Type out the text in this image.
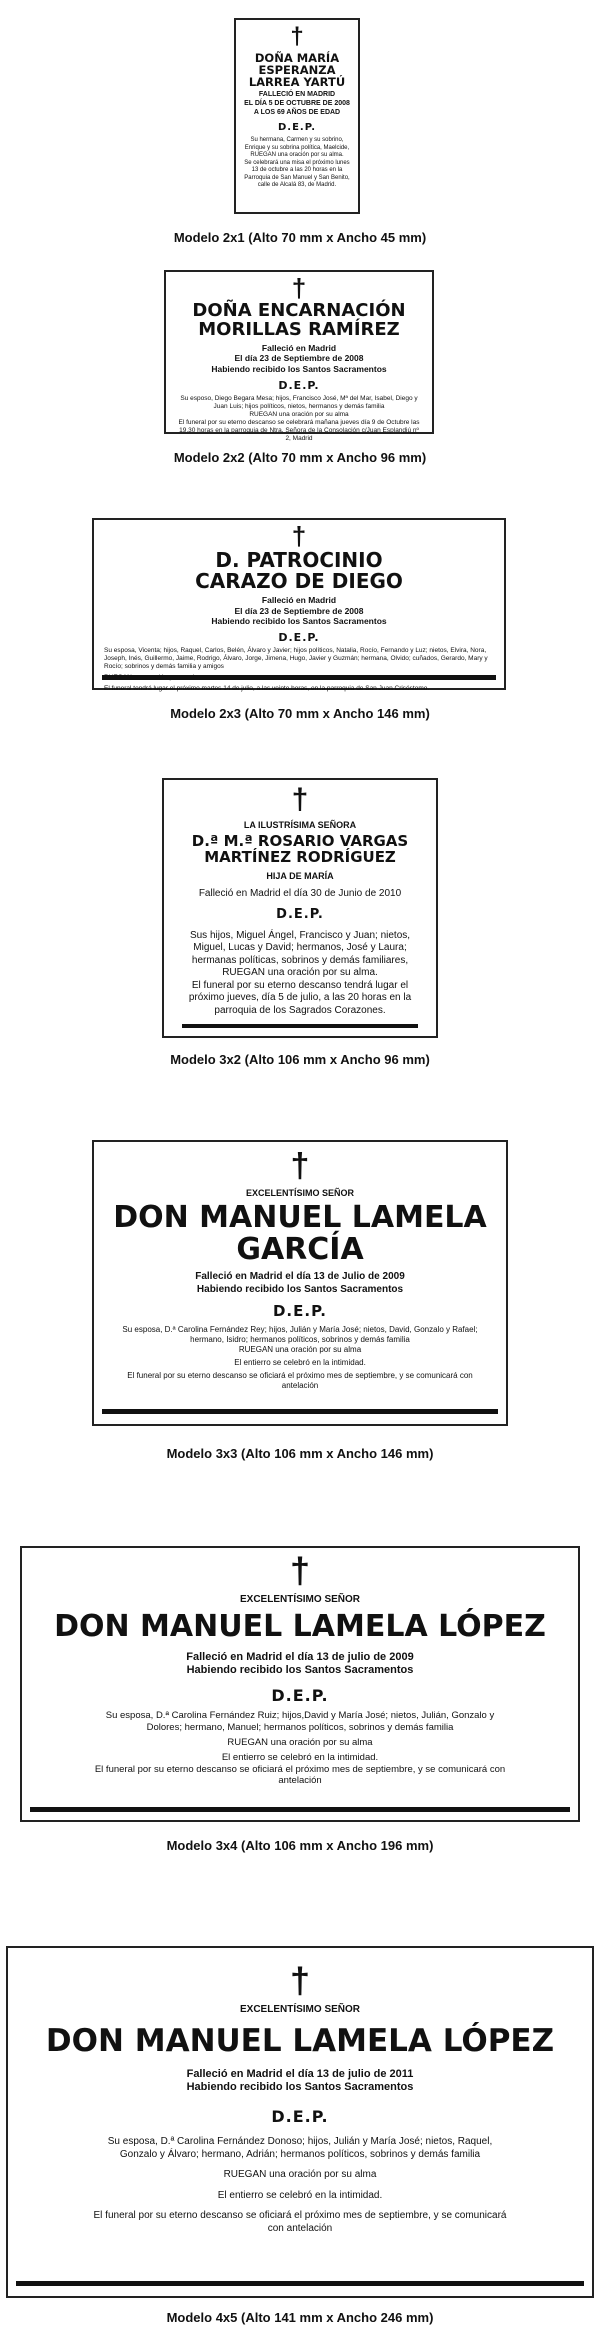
†
DOÑA MARÍA ESPERANZA LARREA YARTÚ
FALLECIÓ EN MADRID
EL DÍA 5 DE OCTUBRE DE 2008
A LOS 69 AÑOS DE EDAD
D.E.P.
Su hermana, Carmen y su sobrino, Enrique y su sobrina política, Maelcide, RUEGAN una oración por su alma.
Se celebrará una misa el próximo lunes 13 de octubre a las 20 horas en la Parroquia de San Manuel y San Benito, calle de Alcalá 83, de Madrid.
Modelo 2x1 (Alto 70 mm x Ancho 45 mm)
†
DOÑA ENCARNACIÓN
MORILLAS RAMÍREZ
Falleció en Madrid
El día 23 de Septiembre de 2008
Habiendo recibido los Santos Sacramentos
D.E.P.
Su esposo, Diego Begara Mesa; hijos, Francisco José, Mª del Mar, Isabel, Diego y Juan Luis; hijos políticos, nietos, hermanos y demás familia
RUEGAN una oración por su alma
El funeral por su eterno descanso se celebrará mañana jueves día 9 de Octubre las 19.30 horas en la parroquia de Ntra. Señora de la Consolación c/Juan Esplandiú nº 2, Madrid
Modelo 2x2 (Alto 70 mm x Ancho 96 mm)
†
D. PATROCINIO
CARAZO DE DIEGO
Falleció en Madrid
El día 23 de Septiembre de 2008
Habiendo recibido los Santos Sacramentos
D.E.P.
Su esposa, Vicenta; hijos, Raquel, Carlos, Belén, Álvaro y Javier; hijos políticos, Natalia, Rocío, Fernando y Luz; nietos, Elvira, Nora, Joseph, Inés, Guillermo, Jaime, Rodrigo, Álvaro, Jorge, Jimena, Hugo, Javier y Guzmán; hermana, Olvido; cuñados, Gerardo, Mary y Rocío; sobrinos y demás familia y amigos
El funeral tendrá lugar el próximo martes 14 de julio, a las veinte horas, en la parroquia de San Juan Crisóstomo.
Modelo 2x3 (Alto 70 mm x Ancho 146 mm)
†
LA ILUSTRÍSIMA SEÑORA
D.ª M.ª ROSARIO VARGAS
MARTÍNEZ RODRÍGUEZ
HIJA DE MARÍA
Falleció en Madrid el día 30 de Junio de 2010
D.E.P.
Sus hijos, Miguel Ángel, Francisco y Juan; nietos, Miguel, Lucas y David; hermanos, José y Laura; hermanas políticas, sobrinos y demás familiares, RUEGAN una oración por su alma.
El funeral por su eterno descanso tendrá lugar el próximo jueves, día 5 de julio, a las 20 horas en la parroquia de los Sagrados Corazones.
Modelo 3x2 (Alto 106 mm x Ancho 96 mm)
†
EXCELENTÍSIMO SEÑOR
DON MANUEL LAMELA
GARCÍA
Falleció en Madrid el día 13 de Julio de 2009
Habiendo recibido los Santos Sacramentos
D.E.P.
Su esposa, D.ª Carolina Fernández Rey; hijos, Julián y María José; nietos, David, Gonzalo y Rafael; hermano, Isidro; hermanos políticos, sobrinos y demás familia
RUEGAN una oración por su alma
El entierro se celebró en la intimidad.
El funeral por su eterno descanso se oficiará el próximo mes de septiembre, y se comunicará con antelación
Modelo 3x3 (Alto 106 mm x Ancho 146 mm)
†
EXCELENTÍSIMO SEÑOR
DON MANUEL LAMELA LÓPEZ
Falleció en Madrid el día 13 de julio de 2009
Habiendo recibido los Santos Sacramentos
D.E.P.
Su esposa, D.ª Carolina Fernández Ruiz; hijos,David y María José; nietos, Julián, Gonzalo y Dolores; hermano, Manuel; hermanos políticos, sobrinos y demás familia
RUEGAN una oración por su alma
El entierro se celebró en la intimidad.
El funeral por su eterno descanso se oficiará el próximo mes de septiembre, y se comunicará con antelación
Modelo 3x4 (Alto 106 mm x Ancho 196 mm)
†
EXCELENTÍSIMO SEÑOR
DON MANUEL LAMELA LÓPEZ
Falleció en Madrid el día 13 de julio de 2011
Habiendo recibido los Santos Sacramentos
D.E.P.
Su esposa, D.ª Carolina Fernández Donoso; hijos, Julián y María José; nietos, Raquel, Gonzalo y Álvaro; hermano, Adrián; hermanos políticos, sobrinos y demás familia
RUEGAN una oración por su alma
El entierro se celebró en la intimidad.
El funeral por su eterno descanso se oficiará el próximo mes de septiembre, y se comunicará con antelación
Modelo 4x5 (Alto 141 mm x Ancho 246 mm)
